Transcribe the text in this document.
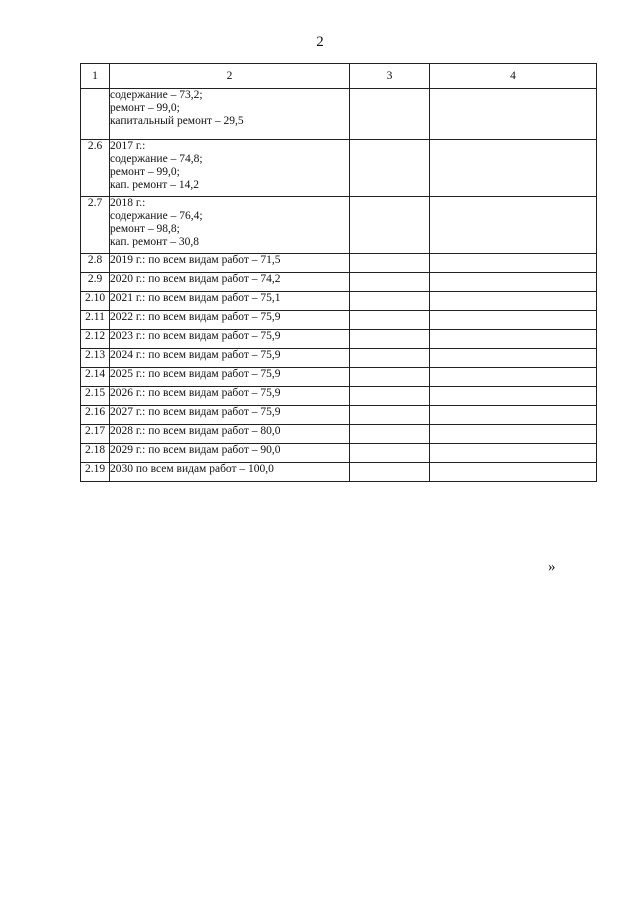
2
1	2	3	4
	содержание – 73,2;
ремонт – 99,0;
капитальный ремонт – 29,5		
2.6	2017 г.:
содержание – 74,8;
ремонт – 99,0;
кап. ремонт – 14,2		
2.7	2018 г.:
содержание – 76,4;
ремонт – 98,8;
кап. ремонт – 30,8		
2.8	2019 г.: по всем видам работ – 71,5		
2.9	2020 г.: по всем видам работ – 74,2		
2.10	2021 г.: по всем видам работ – 75,1		
2.11	2022 г.: по всем видам работ – 75,9		
2.12	2023 г.: по всем видам работ – 75,9		
2.13	2024 г.: по всем видам работ – 75,9		
2.14	2025 г.: по всем видам работ – 75,9		
2.15	2026 г.: по всем видам работ – 75,9		
2.16	2027 г.: по всем видам работ – 75,9		
2.17	2028 г.: по всем видам работ – 80,0		
2.18	2029 г.: по всем видам работ – 90,0		
2.19	2030 по всем видам работ – 100,0		
»
